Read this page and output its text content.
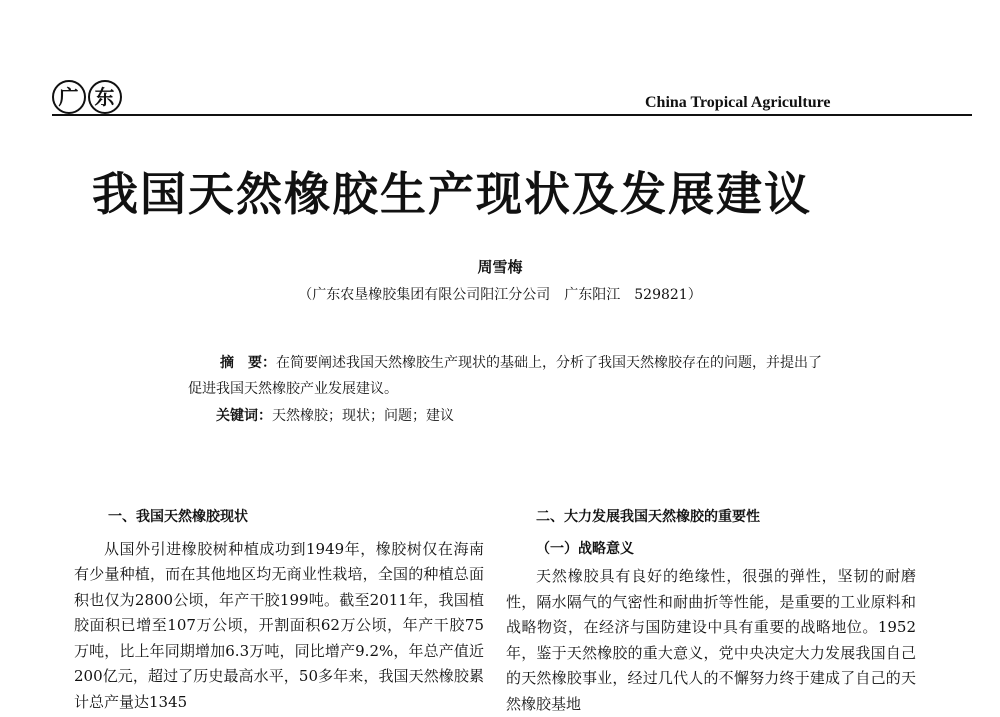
广 东	China Tropical Agriculture
我国天然橡胶生产现状及发展建议
周雪梅
（广东农垦橡胶集团有限公司阳江分公司　广东阳江　529821）
摘　要：在简要阐述我国天然橡胶生产现状的基础上，分析了我国天然橡胶存在的问题，并提出了促进我国天然橡胶产业发展建议。
关键词：天然橡胶；现状；问题；建议
一、我国天然橡胶现状

从国外引进橡胶树种植成功到1949年，橡胶树仅在海南有少量种植，而在其他地区均无商业性栽培，全国的种植总面积也仅为2800公顷，年产干胶199吨。截至2011年，我国植胶面积已增至107万公顷，开割面积62万公顷，年产干胶75万吨，比上年同期增加6.3万吨，同比增产9.2%，年总产值近200亿元，超过了历史最高水平，50多年来，我国天然橡胶累计总产量达1345

二、大力发展我国天然橡胶的重要性
（一）战略意义

天然橡胶具有良好的绝缘性，很强的弹性，坚韧的耐磨性，隔水隔气的气密性和耐曲折等性能，是重要的工业原料和战略物资，在经济与国防建设中具有重要的战略地位。1952年，鉴于天然橡胶的重大意义，党中央决定大力发展我国自己的天然橡胶事业，经过几代人的不懈努力终于建成了自己的天然橡胶基地
